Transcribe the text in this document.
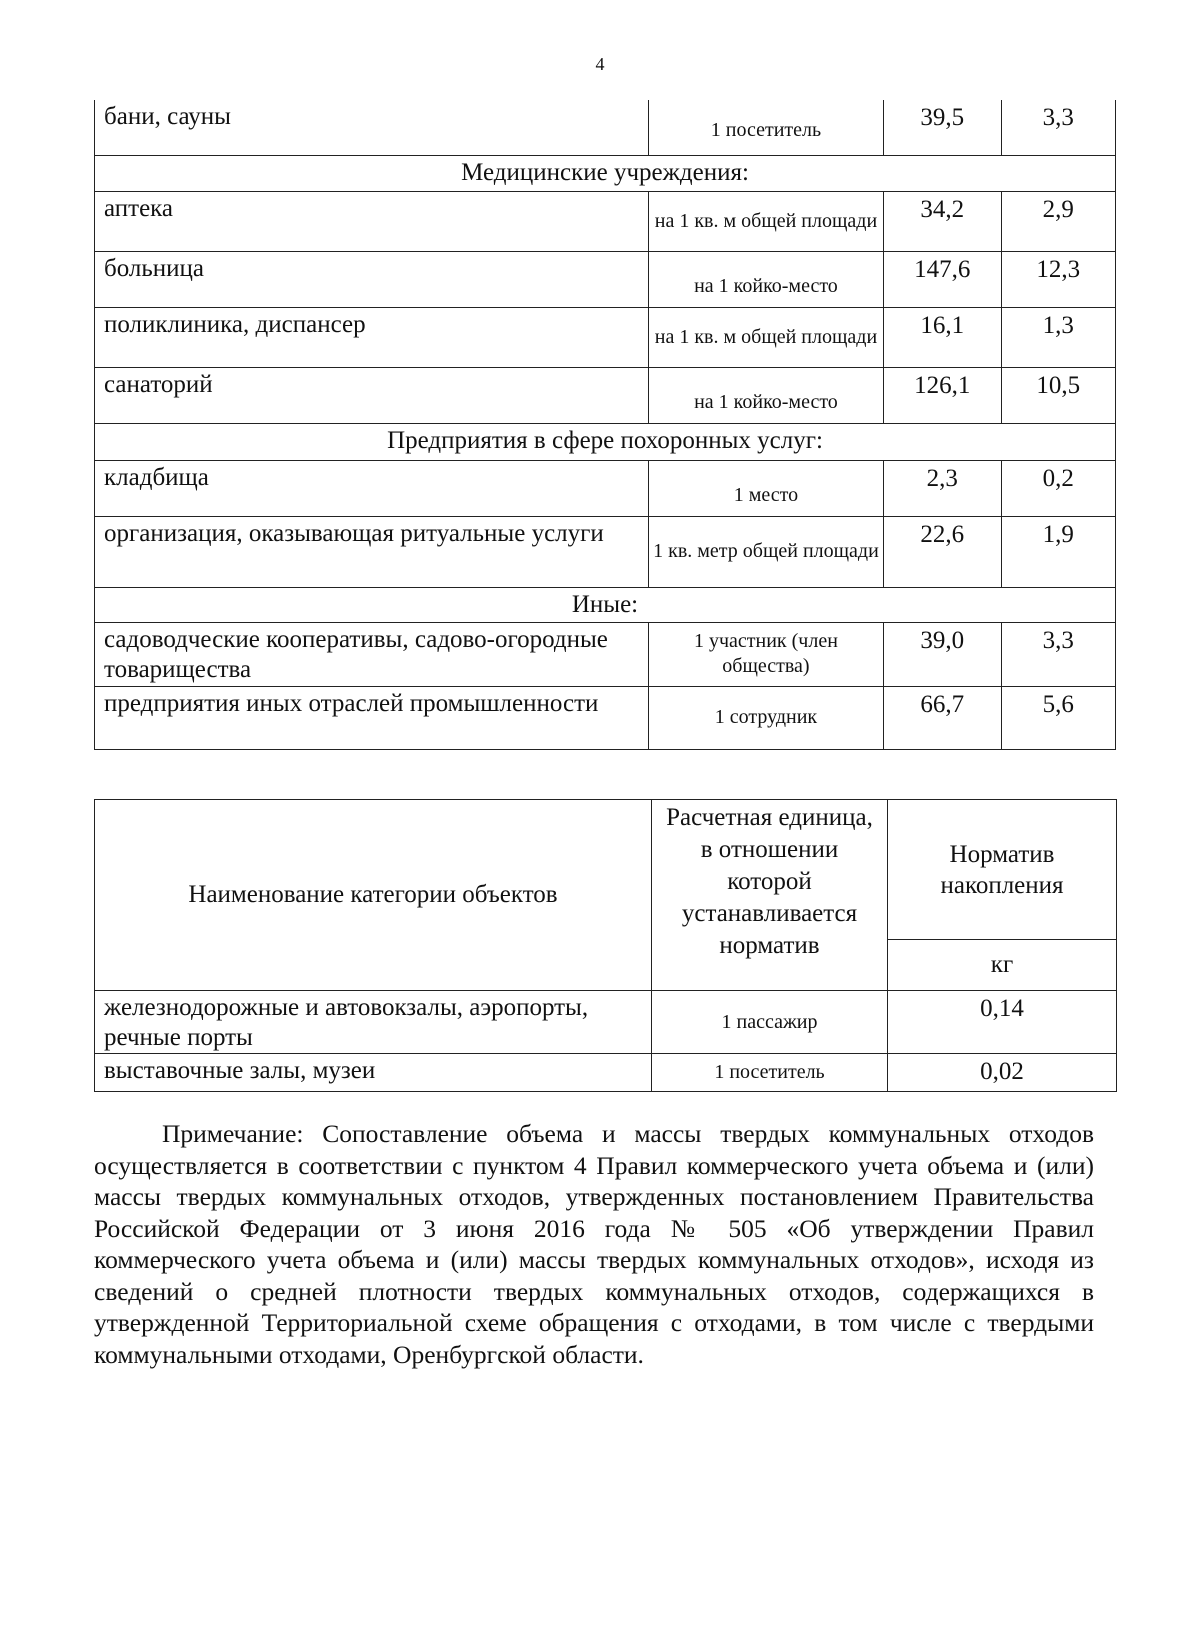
4
бани, сауны	1 посетитель	39,5	3,3
Медицинские учреждения:			
аптека	на 1 кв. м общей площади	34,2	2,9
больница	на 1 койко-место	147,6	12,3
поликлиника, диспансер	на 1 кв. м общей площади	16,1	1,3
санаторий	на 1 койко-место	126,1	10,5
Предприятия в сфере похоронных услуг:			
кладбища	1 место	2,3	0,2
организация, оказывающая ритуальные услуги	1 кв. метр общей площади	22,6	1,9
Иные:			
садоводческие кооперативы, садово-огородные товарищества	1 участник (член общества)	39,0	3,3
предприятия иных отраслей промышленности	1 сотрудник	66,7	5,6
Наименование категории объектов	Расчетная единица, в отношении которой устанавливается норматив	Норматив накопления
		кг
железнодорожные и автовокзалы, аэропорты, речные порты	1 пассажир	0,14
выставочные залы, музеи	1 посетитель	0,02

Примечание: Сопоставление объема и массы твердых коммунальных отходов осуществляется в соответствии с пунктом 4 Правил коммерческого учета объема и (или) массы твердых коммунальных отходов, утвержденных постановлением Правительства Российской Федерации от 3 июня 2016 года № 505 «Об утверждении Правил коммерческого учета объема и (или) массы твердых коммунальных отходов», исходя из сведений о средней плотности твердых коммунальных отходов, содержащихся в утвержденной Территориальной схеме обращения с отходами, в том числе с твердыми коммунальными отходами, Оренбургской области.
